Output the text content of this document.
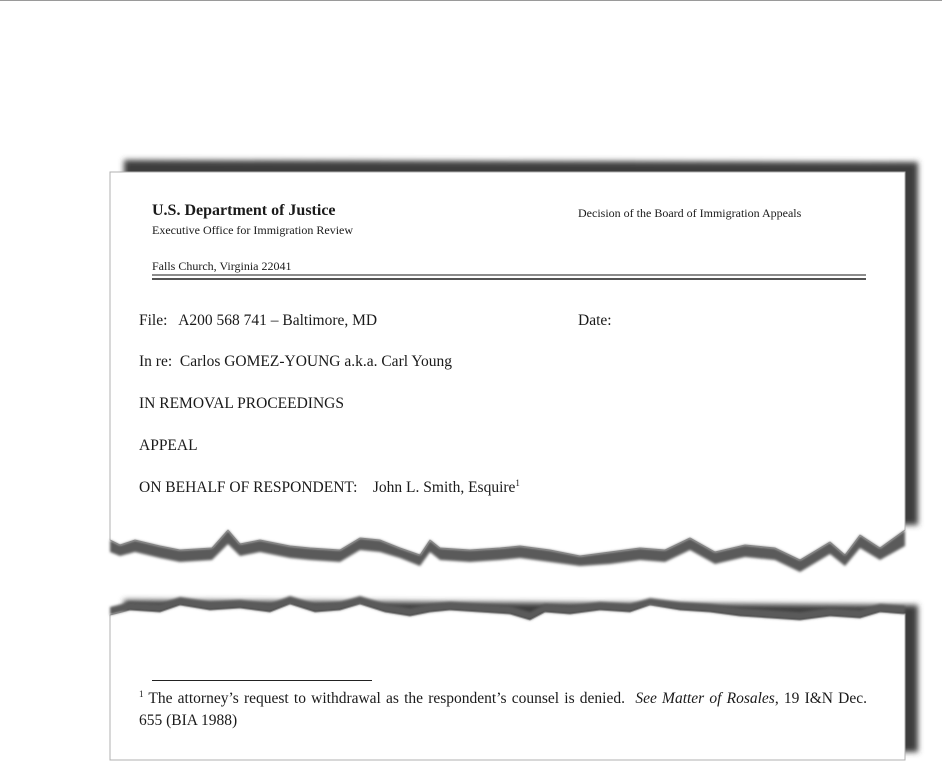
U.S. Department of Justice
Executive Office for Immigration Review
Decision of the Board of Immigration Appeals
Falls Church, Virginia 22041
File:   A200 568 741 – Baltimore, MD	Date:
In re:  Carlos GOMEZ-YOUNG a.k.a. Carl Young
IN REMOVAL PROCEEDINGS
APPEAL
ON BEHALF OF RESPONDENT:    John L. Smith, Esquire$^1$
$^1$ The attorney’s request to withdrawal as the respondent’s counsel is denied.  See Matter of Rosales, 19 I&N Dec. 655 (BIA 1988)
